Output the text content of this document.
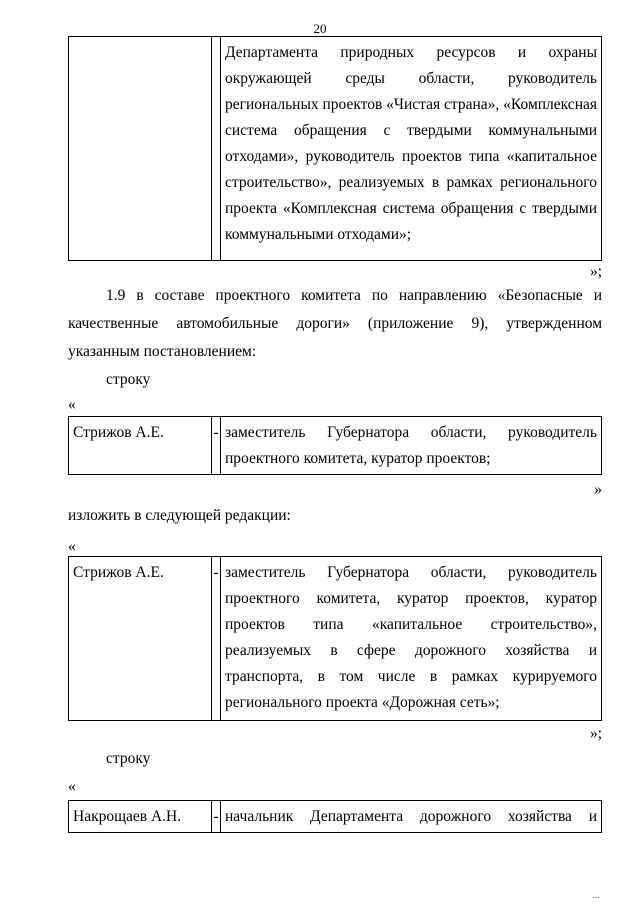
20

Департамента природных ресурсов и охраны
окружающей среды области, руководитель
региональных проектов «Чистая страна», «Комплексная
система обращения с твердыми коммунальными
отходами», руководитель проектов типа «капитальное
строительство», реализуемых в рамках регионального
проекта «Комплексная система обращения с твердыми
коммунальными отходами»;
»;
1.9 в составе проектного комитета по направлению «Безопасные и
качественные автомобильные дороги» (приложение 9), утвержденном
указанным постановлением:
строку
«
Стрижов А.Е.	-	заместитель Губернатора области, руководитель
проектного комитета, куратор проектов;
»
изложить в следующей редакции:
«
Стрижов А.Е.	-	заместитель Губернатора области, руководитель
проектного комитета, куратор проектов, куратор
проектов типа «капитальное строительство»,
реализуемых в сфере дорожного хозяйства и
транспорта, в том числе в рамках курируемого
регионального проекта «Дорожная сеть»;
»;
строку
«
Накрощаев А.Н.	-	начальник Департамента дорожного хозяйства и
...
